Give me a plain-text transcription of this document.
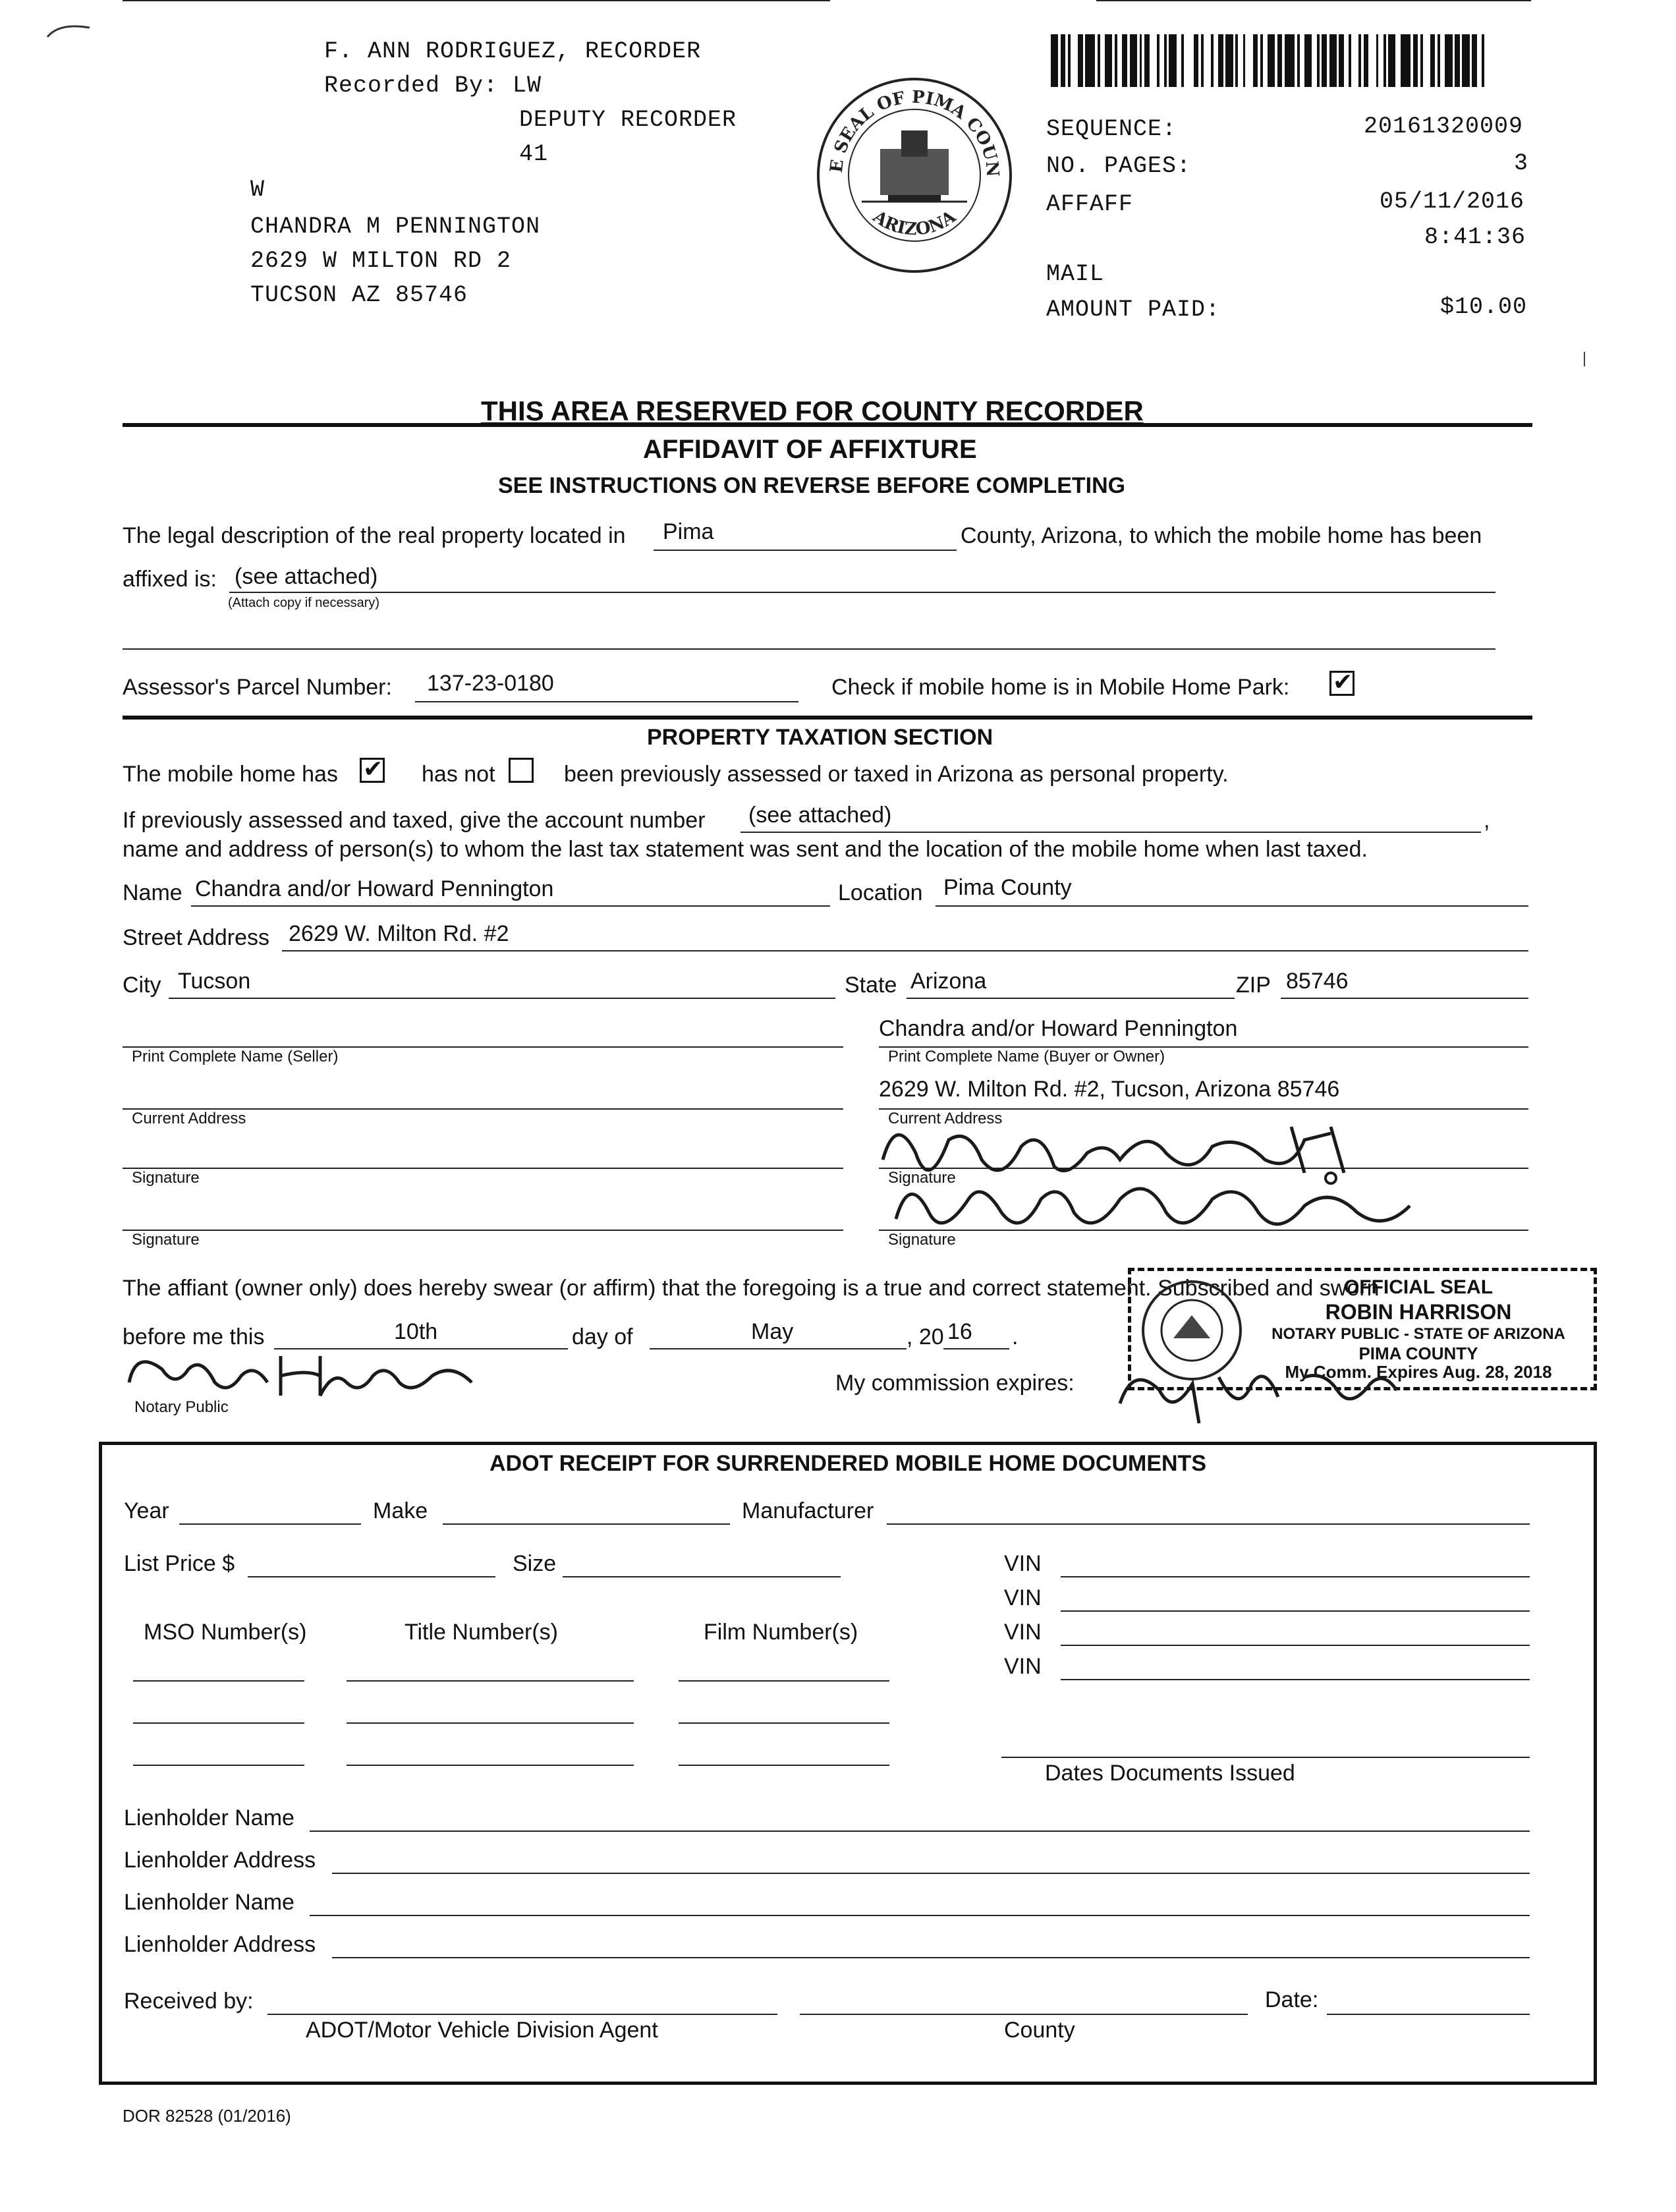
F. ANN RODRIGUEZ, RECORDER
Recorded By: LW
DEPUTY RECORDER
41
W
CHANDRA M PENNINGTON
2629 W MILTON RD 2
TUCSON AZ 85746
E SEAL OF PIMA COUN
ARIZONA
SEQUENCE:	20161320009
NO. PAGES:	3
AFFAFF	05/11/2016
8:41:36
MAIL
AMOUNT PAID:	$10.00
THIS AREA RESERVED FOR COUNTY RECORDER
AFFIDAVIT OF AFFIXTURE
SEE INSTRUCTIONS ON REVERSE BEFORE COMPLETING
The legal description of the real property located in Pima	County, Arizona, to which the mobile home has been
affixed is: (see attached)
(Attach copy if necessary)
Assessor's Parcel Number: 137-23-0180	Check if mobile home is in Mobile Home Park: ✔
PROPERTY TAXATION SECTION
The mobile home has ✔ has not	been previously assessed or taxed in Arizona as personal property.
If previously assessed and taxed, give the account number (see attached)	,
name and address of person(s) to whom the last tax statement was sent and the location of the mobile home when last taxed.
Name Chandra and/or Howard Pennington	Location Pima County
Street Address 2629 W. Milton Rd. #2
City Tucson	State Arizona	ZIP 85746
Print Complete Name (Seller)
Chandra and/or Howard Pennington
Print Complete Name (Buyer or Owner)
Current Address
2629 W. Milton Rd. #2, Tucson, Arizona 85746
Current Address
Signature	Signature
Signature	Signature
The affiant (owner only) does hereby swear (or affirm) that the foregoing is a true and correct statement. Subscribed and sworn
before me this	10th	day of	May	, 20 16 .
Notary Public
My commission expires:
OFFICIAL SEAL
ROBIN HARRISON
NOTARY PUBLIC - STATE OF ARIZONA
PIMA COUNTY
My Comm. Expires Aug. 28, 2018
ADOT RECEIPT FOR SURRENDERED MOBILE HOME DOCUMENTS
Year	Make	Manufacturer
List Price $	Size	VIN
VIN
VIN
VIN
MSO Number(s)	Title Number(s)	Film Number(s)
Dates Documents Issued
Lienholder Name
Lienholder Address
Lienholder Name
Lienholder Address
Received by:	Date:
ADOT/Motor Vehicle Division Agent	County
DOR 82528 (01/2016)
